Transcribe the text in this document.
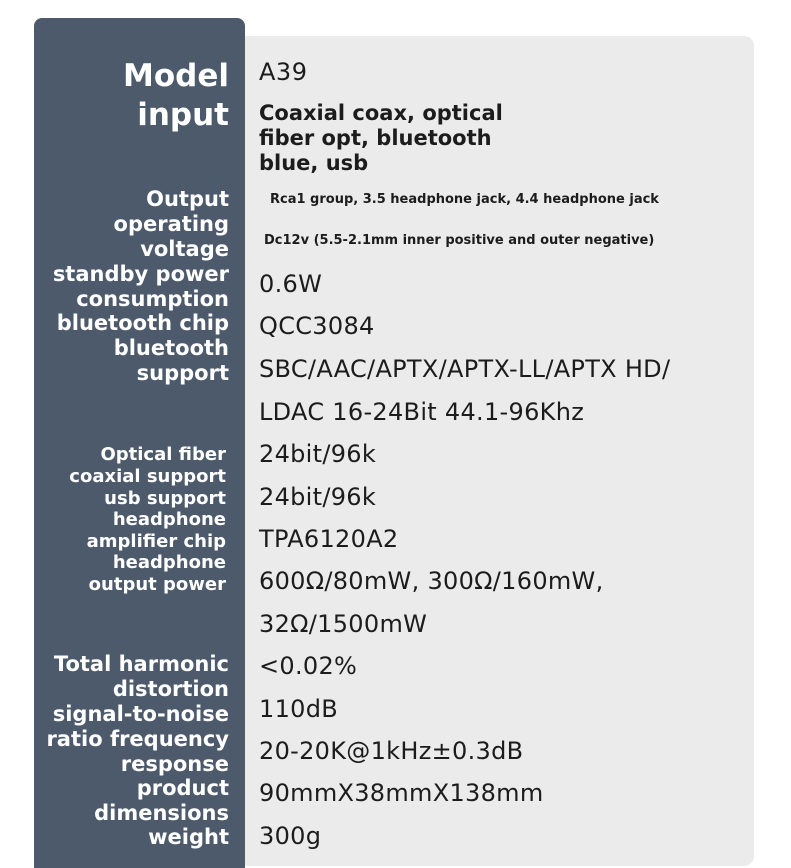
Model

input

Output

operating
voltage

standby power
consumption

bluetooth chip

bluetooth
support

Optical fiber

coaxial support

usb support

headphone
amplifier chip

headphone
output power

Total harmonic
distortion

signal-to-noise

ratio frequency
response

product
dimensions

weight

A39

Coaxial coax, optical
fiber opt, bluetooth
blue, usb

Rca1 group, 3.5 headphone jack, 4.4 headphone jack

Dc12v (5.5-2.1mm inner positive and outer negative)

0.6W

QCC3084

SBC/AAC/APTX/APTX-LL/APTX HD/
LDAC 16-24Bit 44.1-96Khz

24bit/96k

24bit/96k

TPA6120A2

600Ω/80mW, 300Ω/160mW,
32Ω/1500mW

<0.02%

110dB

20-20K@1kHz±0.3dB

90mmX38mmX138mm

300g
